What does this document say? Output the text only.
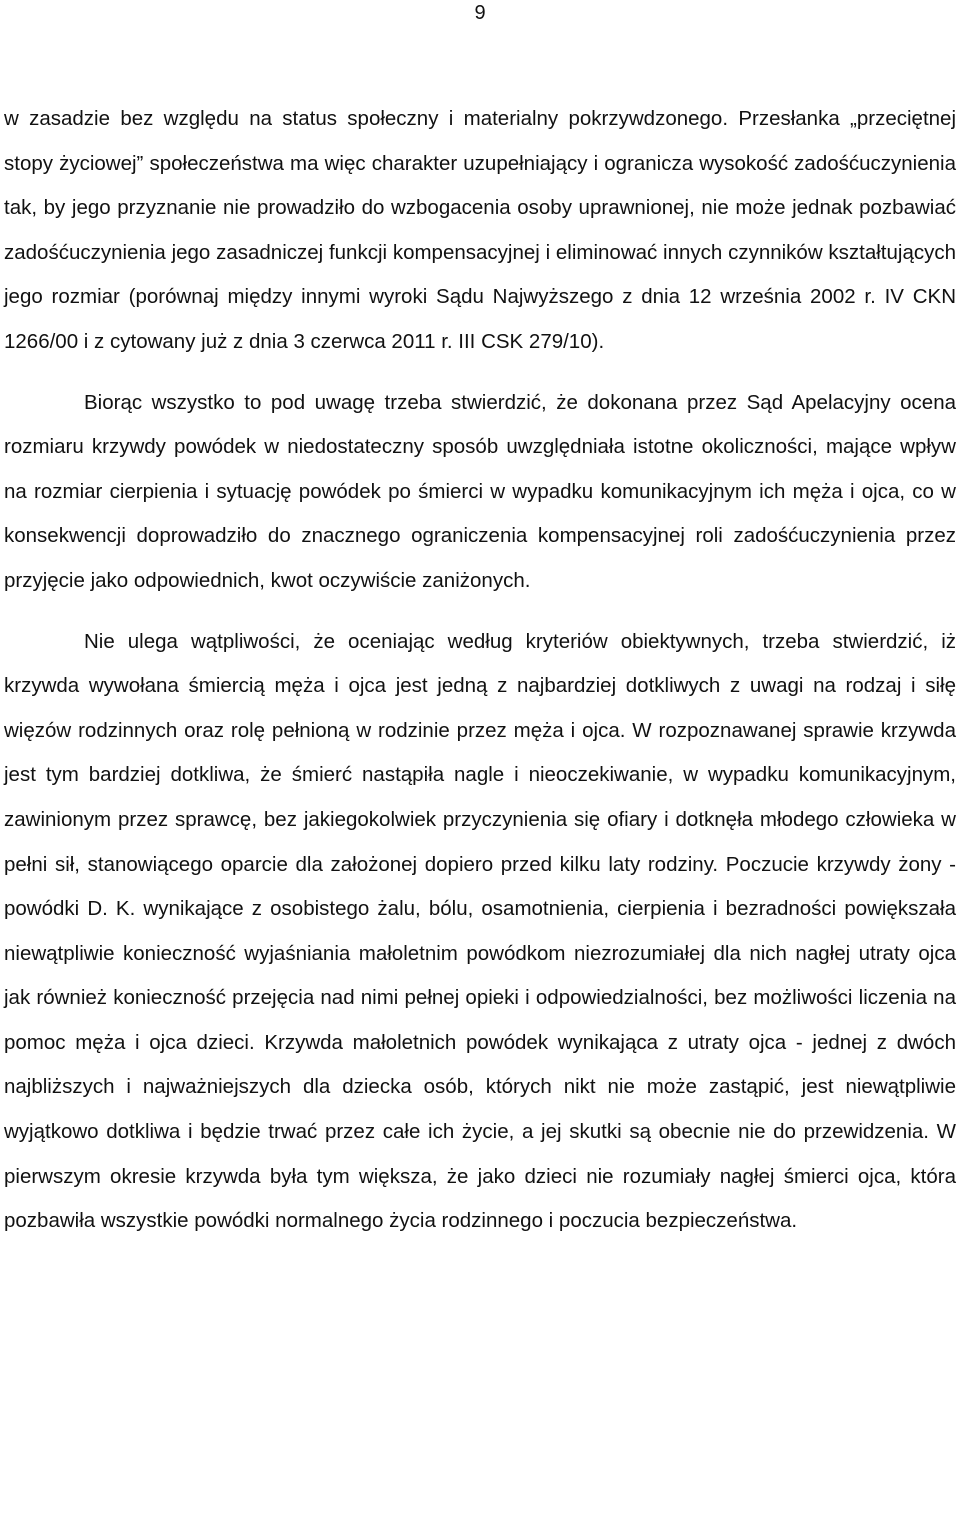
9

w zasadzie bez względu na status społeczny i materialny pokrzywdzonego. Przesłanka „przeciętnej stopy życiowej” społeczeństwa ma więc charakter uzupełniający i ogranicza wysokość zadośćuczynienia tak, by jego przyznanie nie prowadziło do wzbogacenia osoby uprawnionej, nie może jednak pozbawiać zadośćuczynienia jego zasadniczej funkcji kompensacyjnej i eliminować innych czynników kształtujących jego rozmiar (porównaj między innymi wyroki Sądu Najwyższego z dnia 12 września 2002 r. IV CKN 1266/00 i z cytowany już z dnia 3 czerwca 2011 r. III CSK 279/10).

Biorąc wszystko to pod uwagę trzeba stwierdzić, że dokonana przez Sąd Apelacyjny ocena rozmiaru krzywdy powódek w niedostateczny sposób uwzględniała istotne okoliczności, mające wpływ na rozmiar cierpienia i sytuację powódek po śmierci w wypadku komunikacyjnym ich męża i ojca, co w konsekwencji doprowadziło do znacznego ograniczenia kompensacyjnej roli zadośćuczynienia przez przyjęcie jako odpowiednich, kwot oczywiście zaniżonych.

Nie ulega wątpliwości, że oceniając według kryteriów obiektywnych, trzeba stwierdzić, iż krzywda wywołana śmiercią męża i ojca jest jedną z najbardziej dotkliwych z uwagi na rodzaj i siłę więzów rodzinnych oraz rolę pełnioną w rodzinie przez męża i ojca. W rozpoznawanej sprawie krzywda jest tym bardziej dotkliwa, że śmierć nastąpiła nagle i nieoczekiwanie, w wypadku komunikacyjnym, zawinionym przez sprawcę, bez jakiegokolwiek przyczynienia się ofiary i dotknęła młodego człowieka w pełni sił, stanowiącego oparcie dla założonej dopiero przed kilku laty rodziny. Poczucie krzywdy żony - powódki D. K. wynikające z osobistego żalu, bólu, osamotnienia, cierpienia i bezradności powiększała niewątpliwie konieczność wyjaśniania małoletnim powódkom niezrozumiałej dla nich nagłej utraty ojca jak również konieczność przejęcia nad nimi pełnej opieki i odpowiedzialności, bez możliwości liczenia na pomoc męża i ojca dzieci. Krzywda małoletnich powódek wynikająca z utraty ojca - jednej z dwóch najbliższych i najważniejszych dla dziecka osób, których nikt nie może zastąpić, jest niewątpliwie wyjątkowo dotkliwa i będzie trwać przez całe ich życie, a jej skutki są obecnie nie do przewidzenia. W pierwszym okresie krzywda była tym większa, że jako dzieci nie rozumiały nagłej śmierci ojca, która pozbawiła wszystkie powódki normalnego życia rodzinnego i poczucia bezpieczeństwa.
